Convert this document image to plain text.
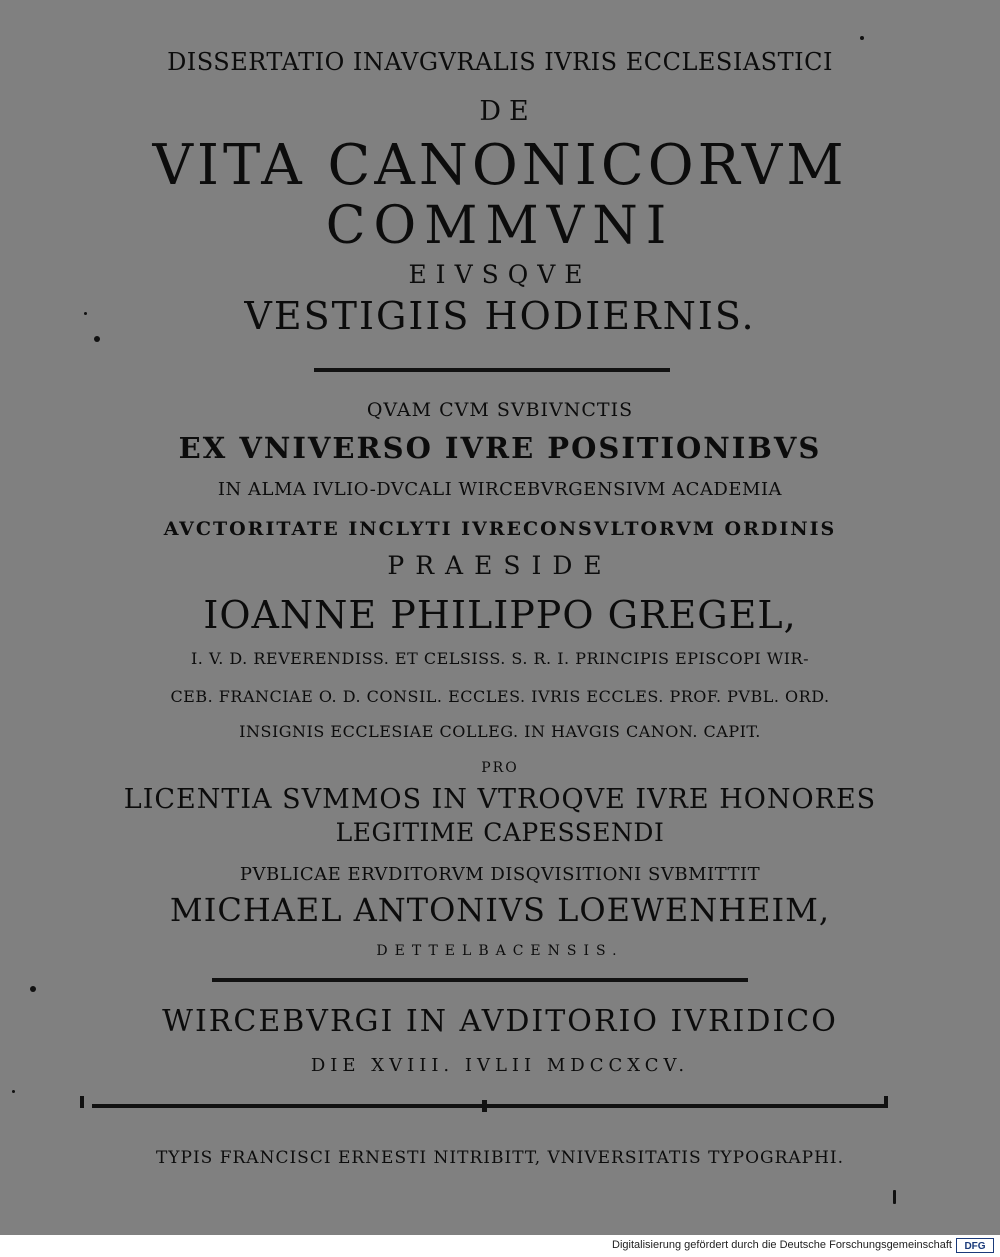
DISSERTATIO INAVGVRALIS IVRIS ECCLESIASTICI
DE
VITA CANONICORVM
COMMVNI
EIVSQVE
VESTIGIIS HODIERNIS.
QVAM CVM SVBIVNCTIS
EX VNIVERSO IVRE POSITIONIBVS
IN ALMA IVLIO-DVCALI WIRCEBVRGENSIVM ACADEMIA
AVCTORITATE INCLYTI IVRECONSVLTORVM ORDINIS
PRAESIDE
IOANNE PHILIPPO GREGEL,
I. V. D. REVERENDISS. ET CELSISS. S. R. I. PRINCIPIS EPISCOPI WIR-
CEB. FRANCIAE O. D. CONSIL. ECCLES. IVRIS ECCLES. PROF. PVBL. ORD.
INSIGNIS ECCLESIAE COLLEG. IN HAVGIS CANON. CAPIT.
PRO
LICENTIA SVMMOS IN VTROQVE IVRE HONORES
LEGITIME CAPESSENDI
PVBLICAE ERVDITORVM DISQVISITIONI SVBMITTIT
MICHAEL ANTONIVS LOEWENHEIM,
DETTELBACENSIS.
WIRCEBVRGI IN AVDITORIO IVRIDICO
DIE XVIII. IVLII MDCCXCV.
TYPIS FRANCISCI ERNESTI NITRIBITT, VNIVERSITATIS TYPOGRAPHI.
Digitalisierung gefördert durch die Deutsche Forschungsgemeinschaft	DFG
